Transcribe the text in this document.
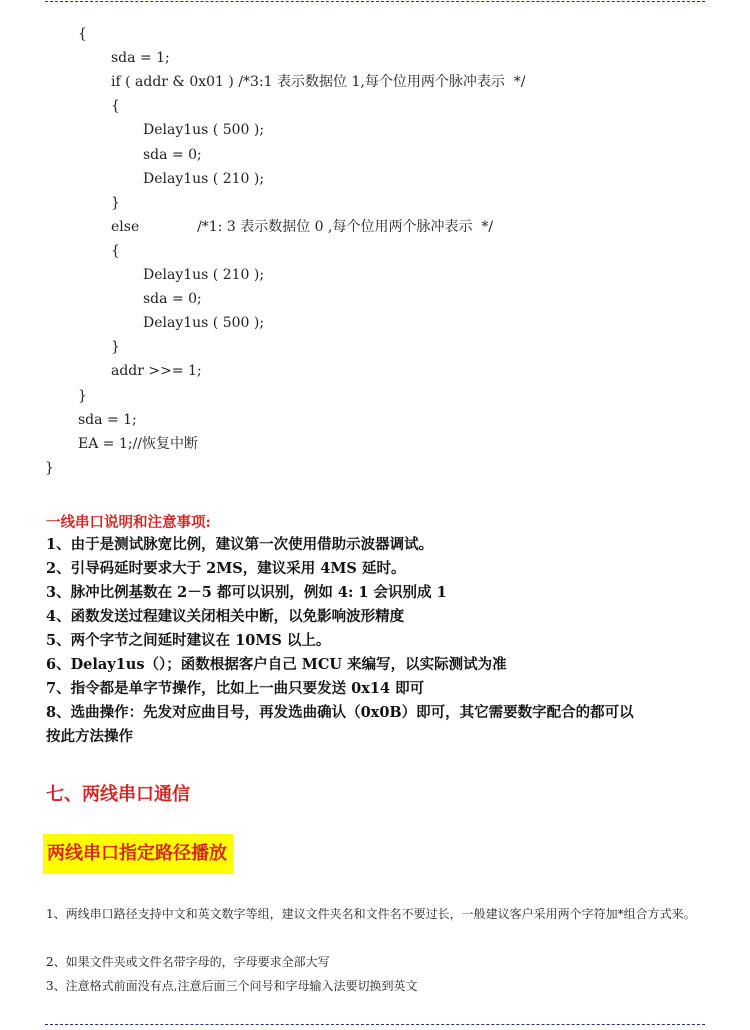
{
sda = 1;
if ( addr & 0x01 ) /*3:1 表示数据位 1,每个位用两个脉冲表示  */
{
Delay1us ( 500 );
sda = 0;
Delay1us ( 210 );
}
else             /*1: 3 表示数据位 0 ,每个位用两个脉冲表示  */
{
Delay1us ( 210 );
sda = 0;
Delay1us ( 500 );
}
addr >>= 1;
}
sda = 1;
EA = 1;//恢复中断
}
一线串口说明和注意事项:
1、由于是测试脉宽比例，建议第一次使用借助示波器调试。
2、引导码延时要求大于 2MS，建议采用 4MS 延时。
3、脉冲比例基数在 2－5 都可以识别，例如 4: 1 会识别成 1
4、函数发送过程建议关闭相关中断，以免影响波形精度
5、两个字节之间延时建议在 10MS 以上。
6、Delay1us（）；函数根据客户自己 MCU 来编写，以实际测试为准
7、指令都是单字节操作，比如上一曲只要发送 0x14 即可
8、选曲操作：先发对应曲目号，再发选曲确认（0x0B）即可，其它需要数字配合的都可以
按此方法操作
七、两线串口通信
两线串口指定路径播放
1、两线串口路径支持中文和英文数字等组，建议文件夹名和文件名不要过长，一般建议客户采用两个字符加*组合方式来。
2、如果文件夹或文件名带字母的，字母要求全部大写
3、注意格式前面没有点,注意后面三个问号和字母输入法要切换到英文
